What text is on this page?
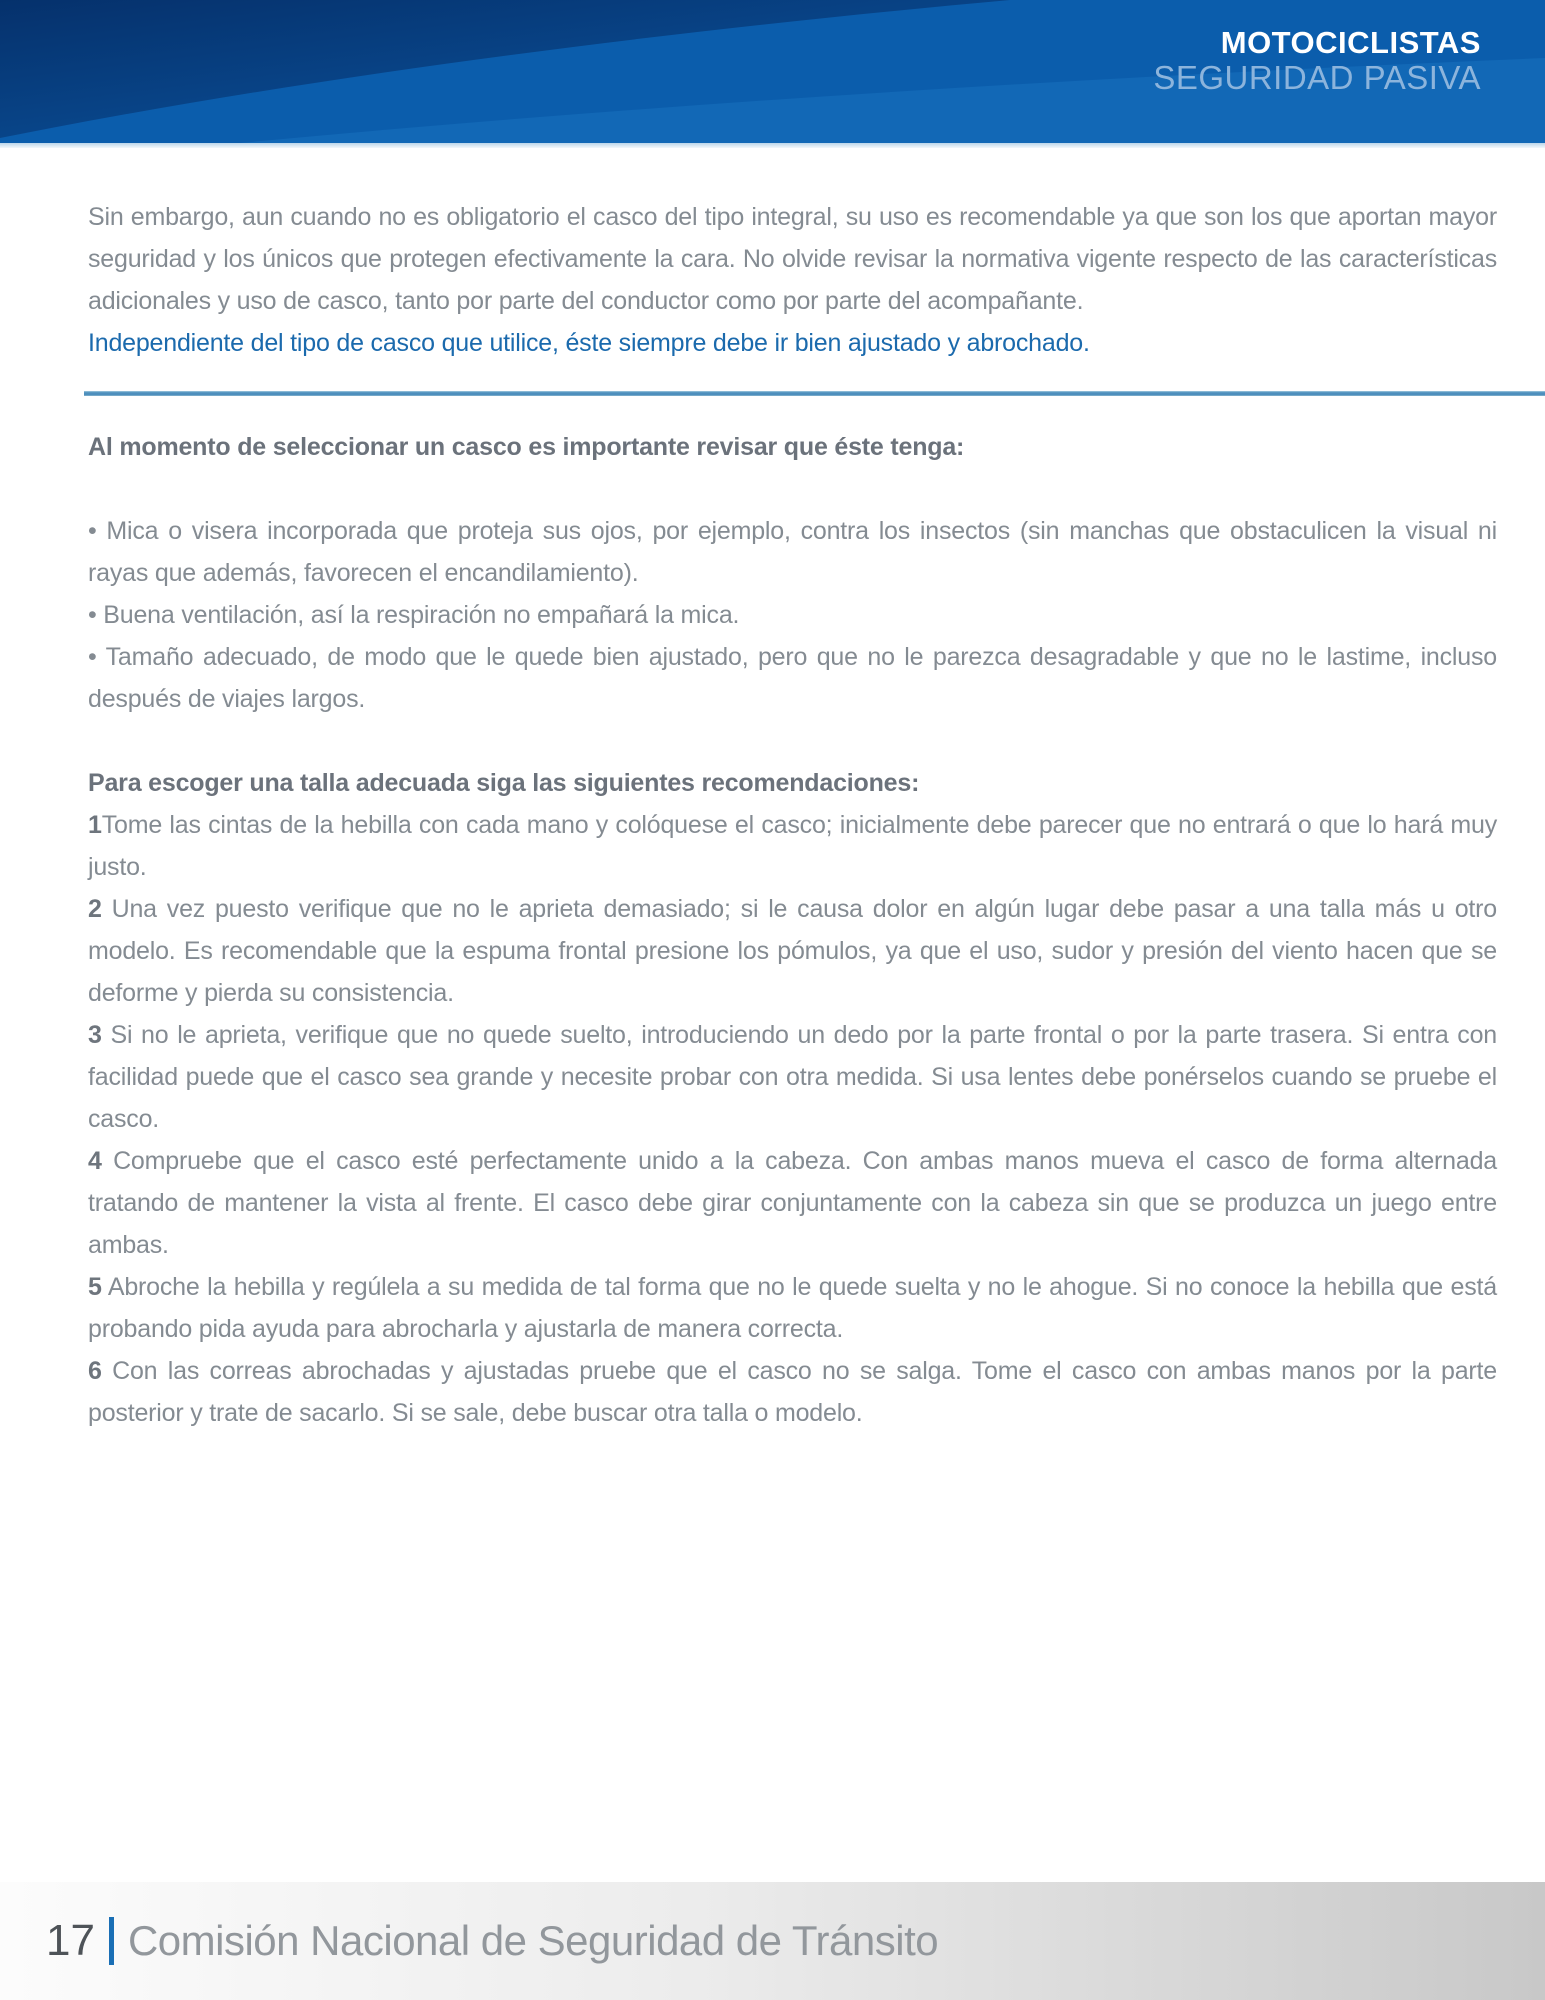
MOTOCICLISTAS
SEGURIDAD PASIVA

Sin embargo, aun cuando no es obligatorio el casco del tipo integral, su uso es recomendable ya que son los que aportan mayor seguridad y los únicos que protegen efectivamente la cara. No olvide revisar la normativa vigente respecto de las características adicionales y uso de casco, tanto por parte del conductor como por parte del acompañante.

Independiente del tipo de casco que utilice, éste siempre debe ir bien ajustado y abrochado.

Al momento de seleccionar un casco es importante revisar que éste tenga:

• Mica o visera incorporada que proteja sus ojos, por ejemplo, contra los insectos (sin manchas que obstaculicen la visual ni rayas que además, favorecen el encandilamiento).

• Buena ventilación, así la respiración no empañará la mica.

• Tamaño adecuado, de modo que le quede bien ajustado, pero que no le parezca desagradable y que no le lastime, incluso después de viajes largos.

Para escoger una talla adecuada siga las siguientes recomendaciones:

1Tome las cintas de la hebilla con cada mano y colóquese el casco; inicialmente debe parecer que no entrará o que lo hará muy justo.

2 Una vez puesto verifique que no le aprieta demasiado; si le causa dolor en algún lugar debe pasar a una talla más u otro modelo. Es recomendable que la espuma frontal presione los pómulos, ya que el uso, sudor y presión del viento hacen que se deforme y pierda su consistencia.

3 Si no le aprieta, verifique que no quede suelto, introduciendo un dedo por la parte frontal o por la parte trasera. Si entra con facilidad puede que el casco sea grande y necesite probar con otra medida. Si usa lentes debe ponérselos cuando se pruebe el casco.

4 Compruebe que el casco esté perfectamente unido a la cabeza. Con ambas manos mueva el casco de forma alternada tratando de mantener la vista al frente. El casco debe girar conjuntamente con la cabeza sin que se produzca un juego entre ambas.

5 Abroche la hebilla y regúlela a su medida de tal forma que no le quede suelta y no le ahogue. Si no conoce la hebilla que está probando pida ayuda para abrocharla y ajustarla de manera correcta.

6 Con las correas abrochadas y ajustadas pruebe que el casco no se salga. Tome el casco con ambas manos por la parte posterior y trate de sacarlo. Si se sale, debe buscar otra talla o modelo.

17 Comisión Nacional de Seguridad de Tránsito
